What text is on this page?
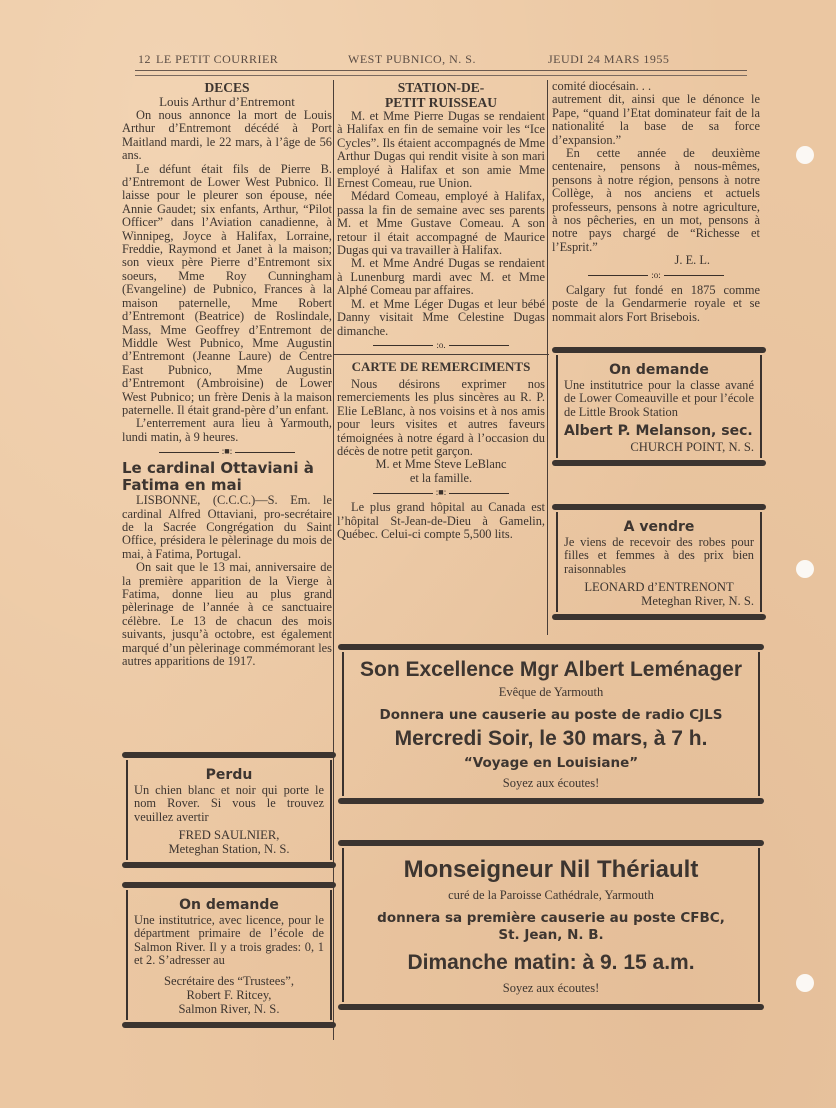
12 LE PETIT COURRIER	WEST PUBNICO, N. S.	JEUDI 24 MARS 1955
DECES
Louis Arthur d’Entremont

On nous annonce la mort de Louis Arthur d’Entremont décédé à Port Maitland mardi, le 22 mars, à l’âge de 56 ans.

Le défunt était fils de Pierre B. d’Entremont de Lower West Pubnico. Il laisse pour le pleurer son épouse, née Annie Gaudet; six enfants, Arthur, “Pilot Officer” dans l’Aviation canadienne, à Winnipeg, Joyce à Halifax, Lorraine, Freddie, Raymond et Janet à la maison; son vieux père Pierre d’Entremont six soeurs, Mme Roy Cunningham (Evangeline) de Pubnico, Frances à la maison paternelle, Mme Robert d’Entremont (Beatrice) de Roslindale, Mass, Mme Geoffrey d’Entremont de Middle West Pubnico, Mme Augustin d’Entremont (Jeanne Laure) de Centre East Pubnico, Mme Augustin d’Entremont (Ambroisine) de Lower West Pubnico; un frère Denis à la maison paternelle. Il était grand-père d’un enfant.

L’enterrement aura lieu à Yarmouth, lundi matin, à 9 heures.

:■:
Le cardinal Ottaviani à Fatima en mai

LISBONNE, (C.C.C.)—S. Em. le cardinal Alfred Ottaviani, pro-secrétaire de la Sacrée Congrégation du Saint Office, présidera le pèlerinage du mois de mai, à Fatima, Portugal.

On sait que le 13 mai, anniversaire de la première apparition de la Vierge à Fatima, donne lieu au plus grand pèlerinage de l’année à ce sanctuaire célèbre. Le 13 de chacun des mois suivants, jusqu’à octobre, est également marqué d’un pèlerinage commémorant les autres apparitions de 1917.

Perdu
Un chien blanc et noir qui porte le nom Rover. Si vous le trouvez veuillez avertir
FRED SAULNIER,
Meteghan Station, N. S.
On demande
Une institutrice, avec licence, pour le départment primaire de l’école de Salmon River. Il y a trois grades: 0, 1 et 2. S’adresser au
Secrétaire des “Trustees”,
Robert F. Ritcey,
Salmon River, N. S.
STATION-DE-
PETIT RUISSEAU

M. et Mme Pierre Dugas se rendaient à Halifax en fin de semaine voir les “Ice Cycles”. Ils étaient accompagnés de Mme Arthur Dugas qui rendit visite à son mari employé à Halifax et son amie Mme Ernest Comeau, rue Union.

Médard Comeau, employé à Halifax, passa la fin de semaine avec ses parents M. et Mme Gustave Comeau. A son retour il était accompagné de Maurice Dugas qui va travailler à Halifax.

M. et Mme André Dugas se rendaient à Lunenburg mardi avec M. et Mme Alphé Comeau par affaires.

M. et Mme Léger Dugas et leur bébé Danny visitait Mme Celestine Dugas dimanche.

:o.
CARTE DE REMERCIMENTS

Nous désirons exprimer nos remerciements les plus sincères au R. P. Elie LeBlanc, à nos voisins et à nos amis pour leurs visites et autres faveurs témoignées à notre égard à l’occasion du décès de notre petit garçon.

M. et Mme Steve LeBlanc
et la famille.
:■:

Le plus grand hôpital au Canada est l’hôpital St-Jean-de-Dieu à Gamelin, Québec. Celui-ci compte 5,500 lits.

comité diocésain. . .

autrement dit, ainsi que le dénonce le Pape, “quand l’Etat dominateur fait de la nationalité la base de sa force d’expansion.”

En cette année de deuxième centenaire, pensons à nous-mêmes, pensons à notre région, pensons à notre Collège, à nos anciens et actuels professeurs, pensons à notre agriculture, à nos pêcheries, en un mot, pensons à notre pays chargé de “Richesse et l’Esprit.”

J. E. L.
:o:

Calgary fut fondé en 1875 comme poste de la Gendarmerie royale et se nommait alors Fort Brisebois.

On demande
Une institutrice pour la classe avané de Lower Comeauville et pour l’école de Little Brook Station
Albert P. Melanson, sec.
CHURCH POINT, N. S.
A vendre
Je viens de recevoir des robes pour filles et femmes à des prix bien raisonnables
LEONARD d’ENTRENONT
Meteghan River, N. S.
Son Excellence Mgr Albert Leménager
Evêque de Yarmouth
Donnera une causerie au poste de radio CJLS
Mercredi Soir, le 30 mars, à 7 h.
“Voyage en Louisiane”
Soyez aux écoutes!
Monseigneur Nil Thériault
curé de la Paroisse Cathédrale, Yarmouth
donnera sa première causerie au poste CFBC,
St. Jean, N. B.
Dimanche matin: à 9. 15 a.m.
Soyez aux écoutes!
